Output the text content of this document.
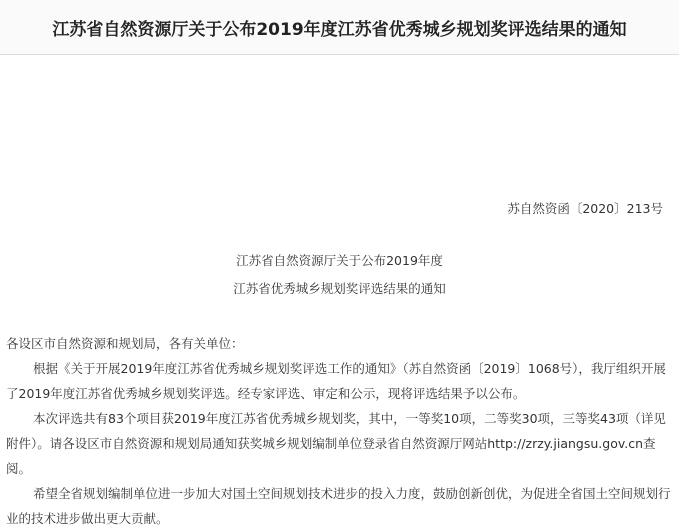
江苏省自然资源厅关于公布2019年度江苏省优秀城乡规划奖评选结果的通知
苏自然资函〔2020〕213号
江苏省自然资源厅关于公布2019年度
江苏省优秀城乡规划奖评选结果的通知

各设区市自然资源和规划局，各有关单位：

根据《关于开展2019年度江苏省优秀城乡规划奖评选工作的通知》（苏自然资函〔2019〕1068号），我厅组织开展了2019年度江苏省优秀城乡规划奖评选。经专家评选、审定和公示，现将评选结果予以公布。

本次评选共有83个项目获2019年度江苏省优秀城乡规划奖，其中，一等奖10项，二等奖30项，三等奖43项（详见附件）。请各设区市自然资源和规划局通知获奖城乡规划编制单位登录省自然资源厅网站http://zrzy.jiangsu.gov.cn查阅。

希望全省规划编制单位进一步加大对国土空间规划技术进步的投入力度，鼓励创新创优，为促进全省国土空间规划行业的技术进步做出更大贡献。
